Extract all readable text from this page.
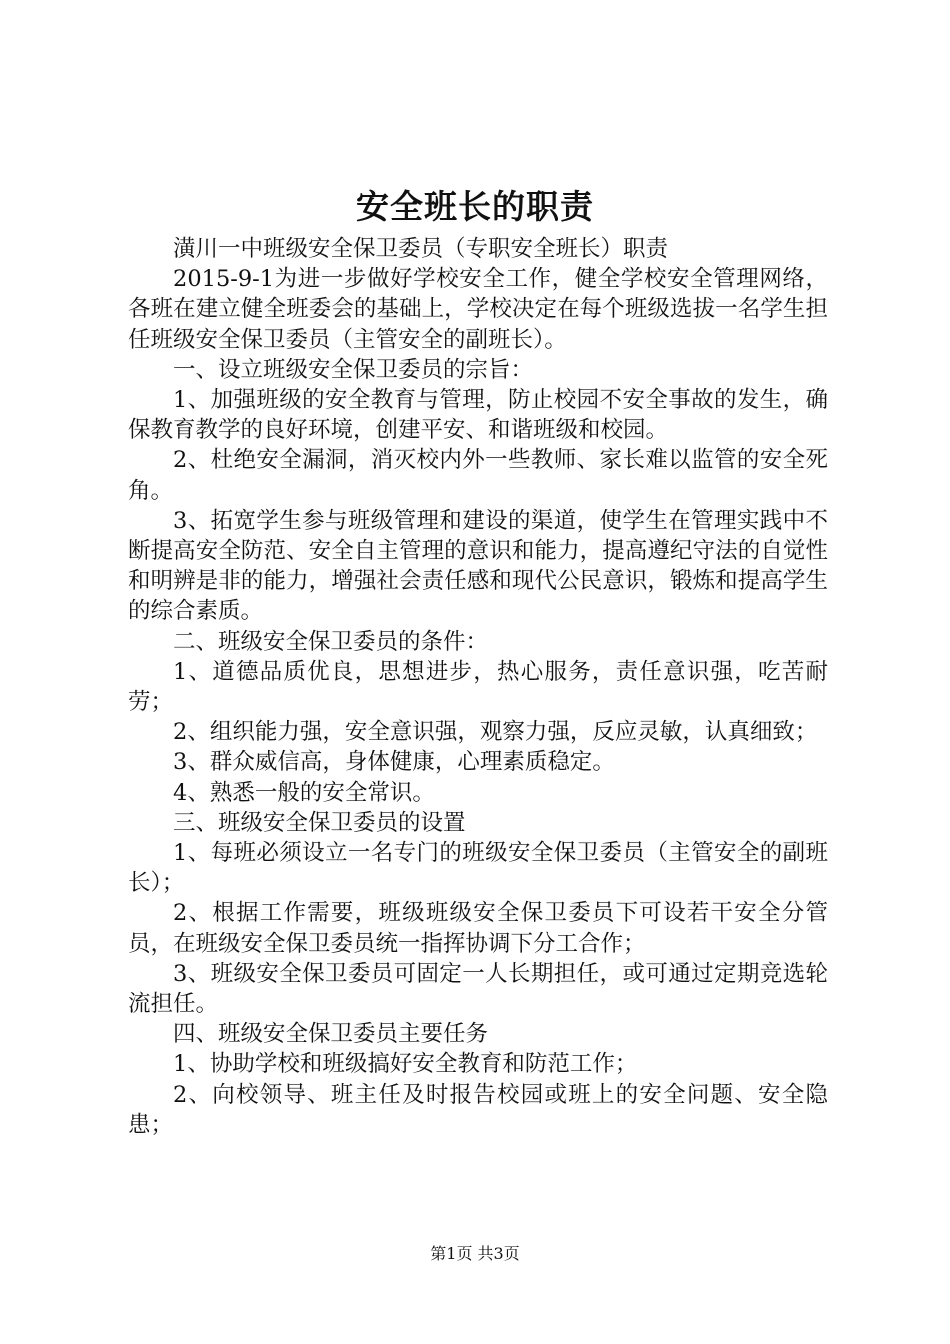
安全班长的职责

潢川一中班级安全保卫委员（专职安全班长）职责

2015-9-1为进一步做好学校安全工作，健全学校安全管理网络，各班在建立健全班委会的基础上，学校决定在每个班级选拔一名学生担任班级安全保卫委员（主管安全的副班长）。

一、设立班级安全保卫委员的宗旨：

1、加强班级的安全教育与管理，防止校园不安全事故的发生，确保教育教学的良好环境，创建平安、和谐班级和校园。

2、杜绝安全漏洞，消灭校内外一些教师、家长难以监管的安全死角。

3、拓宽学生参与班级管理和建设的渠道，使学生在管理实践中不断提高安全防范、安全自主管理的意识和能力，提高遵纪守法的自觉性和明辨是非的能力，增强社会责任感和现代公民意识，锻炼和提高学生的综合素质。

二、班级安全保卫委员的条件：

1、道德品质优良，思想进步，热心服务，责任意识强，吃苦耐劳；

2、组织能力强，安全意识强，观察力强，反应灵敏，认真细致；

3、群众威信高，身体健康，心理素质稳定。

4、熟悉一般的安全常识。

三、班级安全保卫委员的设置

1、每班必须设立一名专门的班级安全保卫委员（主管安全的副班长）；

2、根据工作需要，班级班级安全保卫委员下可设若干安全分管员，在班级安全保卫委员统一指挥协调下分工合作；

3、班级安全保卫委员可固定一人长期担任，或可通过定期竞选轮流担任。

四、班级安全保卫委员主要任务

1、协助学校和班级搞好安全教育和防范工作；

2、向校领导、班主任及时报告校园或班上的安全问题、安全隐患；

第1页 共3页
